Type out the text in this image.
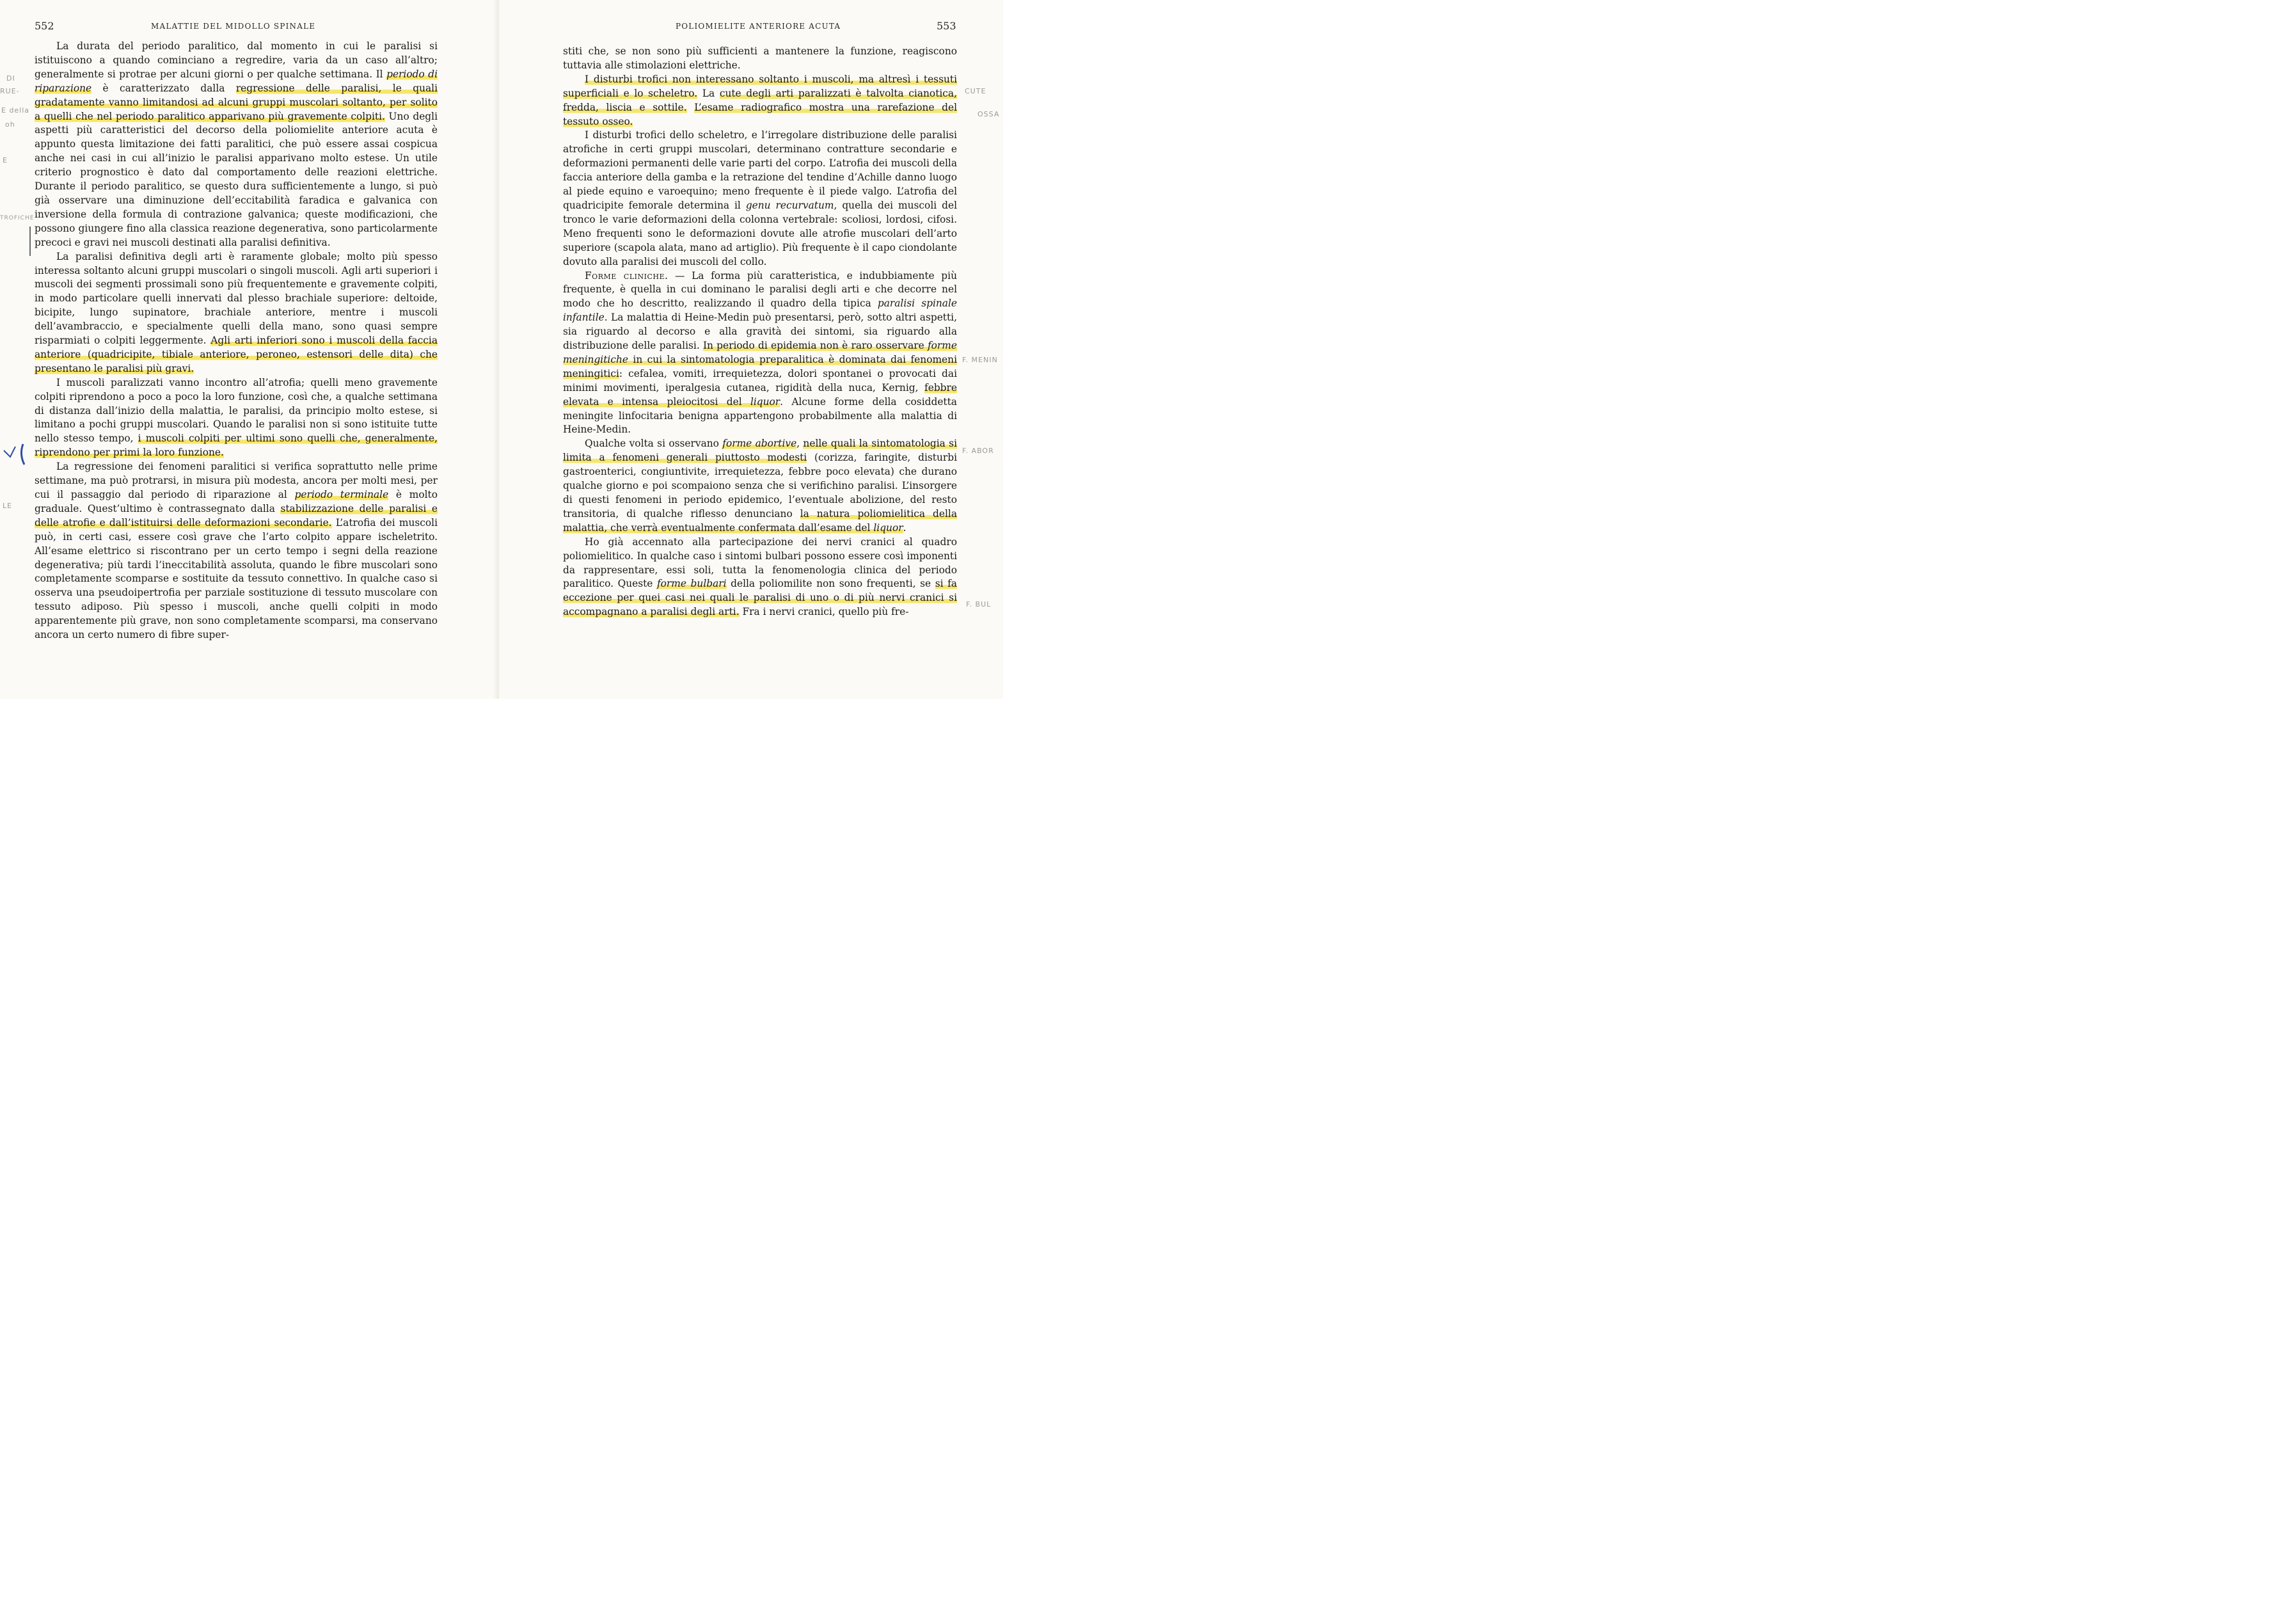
552	MALATTIE DEL MIDOLLO SPINALE

La durata del periodo paralitico, dal momento in cui le paralisi si istituiscono a quando cominciano a regredire, varia da un caso all’altro; generalmente si protrae per alcuni giorni o per qualche settimana. Il periodo di riparazione è caratterizzato dalla regressione delle paralisi, le quali gradatamente vanno limitandosi ad alcuni gruppi muscolari soltanto, per solito a quelli che nel periodo paralitico apparivano più gravemente colpiti. Uno degli aspetti più caratteristici del decorso della poliomielite anteriore acuta è appunto questa limitazione dei fatti paralitici, che può essere assai cospicua anche nei casi in cui all’inizio le paralisi apparivano molto estese. Un utile criterio prognostico è dato dal comportamento delle reazioni elettriche. Durante il periodo paralitico, se questo dura sufficientemente a lungo, si può già osservare una diminuzione dell’eccitabilità faradica e galvanica con inversione della formula di contrazione galvanica; queste modificazioni, che possono giungere fino alla classica reazione degenerativa, sono particolarmente precoci e gravi nei muscoli destinati alla paralisi definitiva.

La paralisi definitiva degli arti è raramente globale; molto più spesso interessa soltanto alcuni gruppi muscolari o singoli muscoli. Agli arti superiori i muscoli dei segmenti prossimali sono più frequentemente e gravemente colpiti, in modo particolare quelli innervati dal plesso brachiale superiore: deltoide, bicipite, lungo supinatore, brachiale anteriore, mentre i muscoli dell’avambraccio, e specialmente quelli della mano, sono quasi sempre risparmiati o colpiti leggermente. Agli arti inferiori sono i muscoli della faccia anteriore (quadricipite, tibiale anteriore, peroneo, estensori delle dita) che presentano le paralisi più gravi.

I muscoli paralizzati vanno incontro all’atrofia; quelli meno gravemente colpiti riprendono a poco a poco la loro funzione, così che, a qualche settimana di distanza dall’inizio della malattia, le paralisi, da principio molto estese, si limitano a pochi gruppi muscolari. Quando le paralisi non si sono istituite tutte nello stesso tempo, i muscoli colpiti per ultimi sono quelli che, generalmente, riprendono per primi la loro funzione.

La regressione dei fenomeni paralitici si verifica soprattutto nelle prime settimane, ma può protrarsi, in misura più modesta, ancora per molti mesi, per cui il passaggio dal periodo di riparazione al periodo terminale è molto graduale. Quest’ultimo è contrassegnato dalla stabilizzazione delle paralisi e delle atrofie e dall’istituirsi delle deformazioni secondarie. L’atrofia dei muscoli può, in certi casi, essere così grave che l’arto colpito appare ischeletrito. All’esame elettrico si riscontrano per un certo tempo i segni della reazione degenerativa; più tardi l’ineccitabilità assoluta, quando le fibre muscolari sono completamente scomparse e sostituite da tessuto connettivo. In qualche caso si osserva una pseudoipertrofia per parziale sostituzione di tessuto muscolare con tessuto adiposo. Più spesso i muscoli, anche quelli colpiti in modo apparentemente più grave, non sono completamente scomparsi, ma conservano ancora un certo numero di fibre super-

DI
RUE-
E della
oh
E
TROFICHE
LE
POLIOMIELITE ANTERIORE ACUTA	553

stiti che, se non sono più sufficienti a mantenere la funzione, reagiscono tuttavia alle stimolazioni elettriche.

I disturbi trofici non interessano soltanto i muscoli, ma altresì i tessuti superficiali e lo scheletro. La cute degli arti paralizzati è talvolta cianotica, fredda, liscia e sottile. L’esame radiografico mostra una rarefazione del tessuto osseo.

I disturbi trofici dello scheletro, e l’irregolare distribuzione delle paralisi atrofiche in certi gruppi muscolari, determinano contratture secondarie e deformazioni permanenti delle varie parti del corpo. L’atrofia dei muscoli della faccia anteriore della gamba e la retrazione del tendine d’Achille danno luogo al piede equino e varoequino; meno frequente è il piede valgo. L’atrofia del quadricipite femorale determina il genu recurvatum, quella dei muscoli del tronco le varie deformazioni della colonna vertebrale: scoliosi, lordosi, cifosi. Meno frequenti sono le deformazioni dovute alle atrofie muscolari dell’arto superiore (scapola alata, mano ad artiglio). Più frequente è il capo ciondolante dovuto alla paralisi dei muscoli del collo.

Forme cliniche. — La forma più caratteristica, e indubbiamente più frequente, è quella in cui dominano le paralisi degli arti e che decorre nel modo che ho descritto, realizzando il quadro della tipica paralisi spinale infantile. La malattia di Heine-Medin può presentarsi, però, sotto altri aspetti, sia riguardo al decorso e alla gravità dei sintomi, sia riguardo alla distribuzione delle paralisi. In periodo di epidemia non è raro osservare forme meningitiche in cui la sintomatologia preparalitica è dominata dai fenomeni meningitici: cefalea, vomiti, irrequietezza, dolori spontanei o provocati dai minimi movimenti, iperalgesia cutanea, rigidità della nuca, Kernig, febbre elevata e intensa pleiocitosi del liquor. Alcune forme della cosiddetta meningite linfocitaria benigna appartengono probabilmente alla malattia di Heine-Medin.

Qualche volta si osservano forme abortive, nelle quali la sintomatologia si limita a fenomeni generali piuttosto modesti (corizza, faringite, disturbi gastroenterici, congiuntivite, irrequietezza, febbre poco elevata) che durano qualche giorno e poi scompaiono senza che si verifichino paralisi. L’insorgere di questi fenomeni in periodo epidemico, l’eventuale abolizione, del resto transitoria, di qualche riflesso denunciano la natura poliomielitica della malattia, che verrà eventualmente confermata dall’esame del liquor.

Ho già accennato alla partecipazione dei nervi cranici al quadro poliomielitico. In qualche caso i sintomi bulbari possono essere così imponenti da rappresentare, essi soli, tutta la fenomenologia clinica del periodo paralitico. Queste forme bulbari della poliomilite non sono frequenti, se si fa eccezione per quei casi nei quali le paralisi di uno o di più nervi cranici si accompagnano a paralisi degli arti. Fra i nervi cranici, quello più fre-

CUTE
OSSA
F. MENIN
F. ABOR
F. BUL
